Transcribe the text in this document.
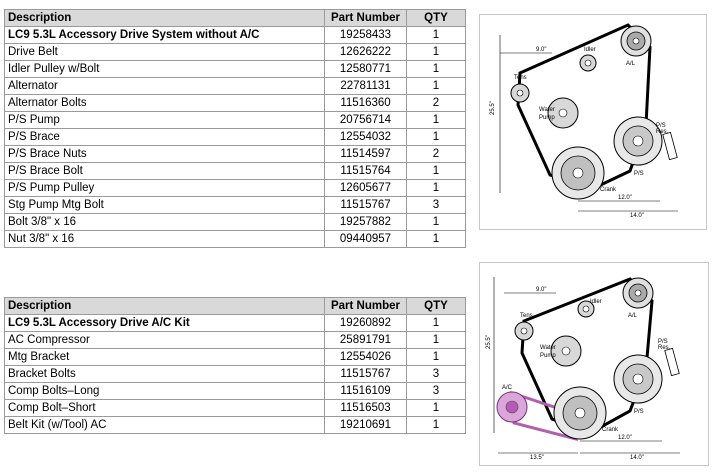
Description	Part Number	QTY
LC9 5.3L Accessory Drive System without A/C	19258433	1
Drive Belt	12626222	1
Idler Pulley w/Bolt	12580771	1
Alternator	22781131	1
Alternator Bolts	11516360	2
P/S Pump	20756714	1
P/S Brace	12554032	1
P/S Brace Nuts	11514597	2
P/S Brace Bolt	11515764	1
P/S Pump Pulley	12605677	1
Stg Pump Mtg Bolt	11515767	3
Bolt 3/8" x 16	19257882	1
Nut 3/8" x 16	09440957	1
Description	Part Number	QTY
LC9 5.3L Accessory Drive A/C Kit	19260892	1
AC Compressor	25891791	1
Mtg Bracket	12554026	1
Bracket Bolts	11515767	3
Comp Bolts–Long	11516109	3
Comp Bolt–Short	11516503	1
Belt Kit (w/Tool) AC	19210691	1
9.0"
25.5"
12.0"
14.0"
Tens
Idler
A/L
Water
Pump
P/S
Res.
P/S
Crank
9.0"
25.5"
12.0"
14.0"
13.5"
Tens
Idler
A/L
Water
Pump
P/S
Res.
P/S
Crank
A/C
